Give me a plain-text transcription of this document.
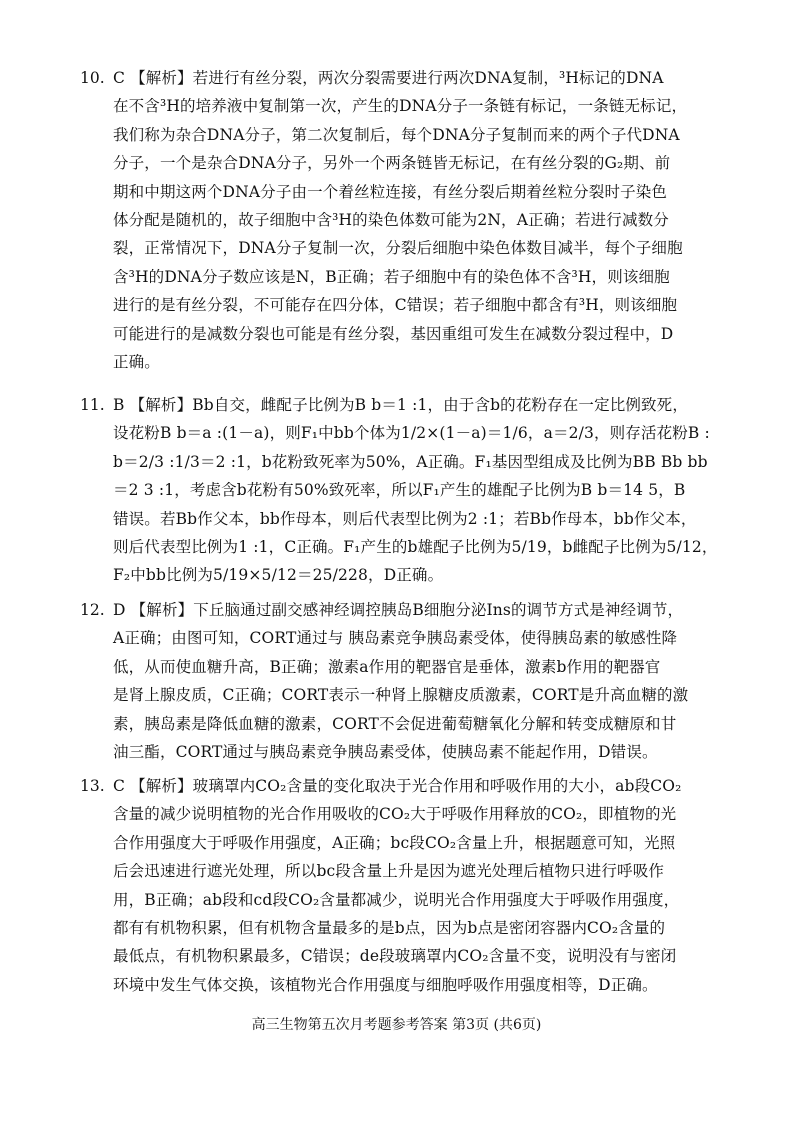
10. C 【解析】若进行有丝分裂，两次分裂需要进行两次DNA复制，³H标记的DNA
在不含³H的培养液中复制第一次，产生的DNA分子一条链有标记，一条链无标记，
我们称为杂合DNA分子，第二次复制后，每个DNA分子复制而来的两个子代DNA
分子，一个是杂合DNA分子，另外一个两条链皆无标记，在有丝分裂的G₂期、前
期和中期这两个DNA分子由一个着丝粒连接，有丝分裂后期着丝粒分裂时子染色
体分配是随机的，故子细胞中含³H的染色体数可能为2N，A正确；若进行减数分
裂，正常情况下，DNA分子复制一次，分裂后细胞中染色体数目减半，每个子细胞
含³H的DNA分子数应该是N，B正确；若子细胞中有的染色体不含³H，则该细胞
进行的是有丝分裂，不可能存在四分体，C错误；若子细胞中都含有³H，则该细胞
可能进行的是减数分裂也可能是有丝分裂，基因重组可发生在减数分裂过程中，D
正确。
11. B 【解析】Bb自交，雌配子比例为B b＝1 :1，由于含b的花粉存在一定比例致死，
设花粉B b＝a :(1－a)，则F₁中bb个体为1/2×(1－a)＝1/6，a＝2/3，则存活花粉B :
b＝2/3 :1/3＝2 :1，b花粉致死率为50%，A正确。F₁基因型组成及比例为BB Bb bb
＝2 3 :1，考虑含b花粉有50%致死率，所以F₁产生的雄配子比例为B b＝14 5，B
错误。若Bb作父本，bb作母本，则后代表型比例为2 :1；若Bb作母本，bb作父本，
则后代表型比例为1 :1，C正确。F₁产生的b雄配子比例为5/19，b雌配子比例为5/12，
F₂中bb比例为5/19×5/12＝25/228，D正确。
12. D 【解析】下丘脑通过副交感神经调控胰岛B细胞分泌Ins的调节方式是神经调节，
A正确；由图可知，CORT通过与 胰岛素竞争胰岛素受体，使得胰岛素的敏感性降
低，从而使血糖升高，B正确；激素a作用的靶器官是垂体，激素b作用的靶器官
是肾上腺皮质，C正确；CORT表示一种肾上腺糖皮质激素，CORT是升高血糖的激
素，胰岛素是降低血糖的激素，CORT不会促进葡萄糖氧化分解和转变成糖原和甘
油三酯，CORT通过与胰岛素竞争胰岛素受体，使胰岛素不能起作用，D错误。
13. C 【解析】玻璃罩内CO₂含量的变化取决于光合作用和呼吸作用的大小，ab段CO₂
含量的减少说明植物的光合作用吸收的CO₂大于呼吸作用释放的CO₂，即植物的光
合作用强度大于呼吸作用强度，A正确；bc段CO₂含量上升，根据题意可知，光照
后会迅速进行遮光处理，所以bc段含量上升是因为遮光处理后植物只进行呼吸作
用，B正确；ab段和cd段CO₂含量都减少，说明光合作用强度大于呼吸作用强度，
都有有机物积累，但有机物含量最多的是b点，因为b点是密闭容器内CO₂含量的
最低点，有机物积累最多，C错误；de段玻璃罩内CO₂含量不变，说明没有与密闭
环境中发生气体交换，该植物光合作用强度与细胞呼吸作用强度相等，D正确。
高三生物第五次月考题参考答案 第3页 (共6页)
